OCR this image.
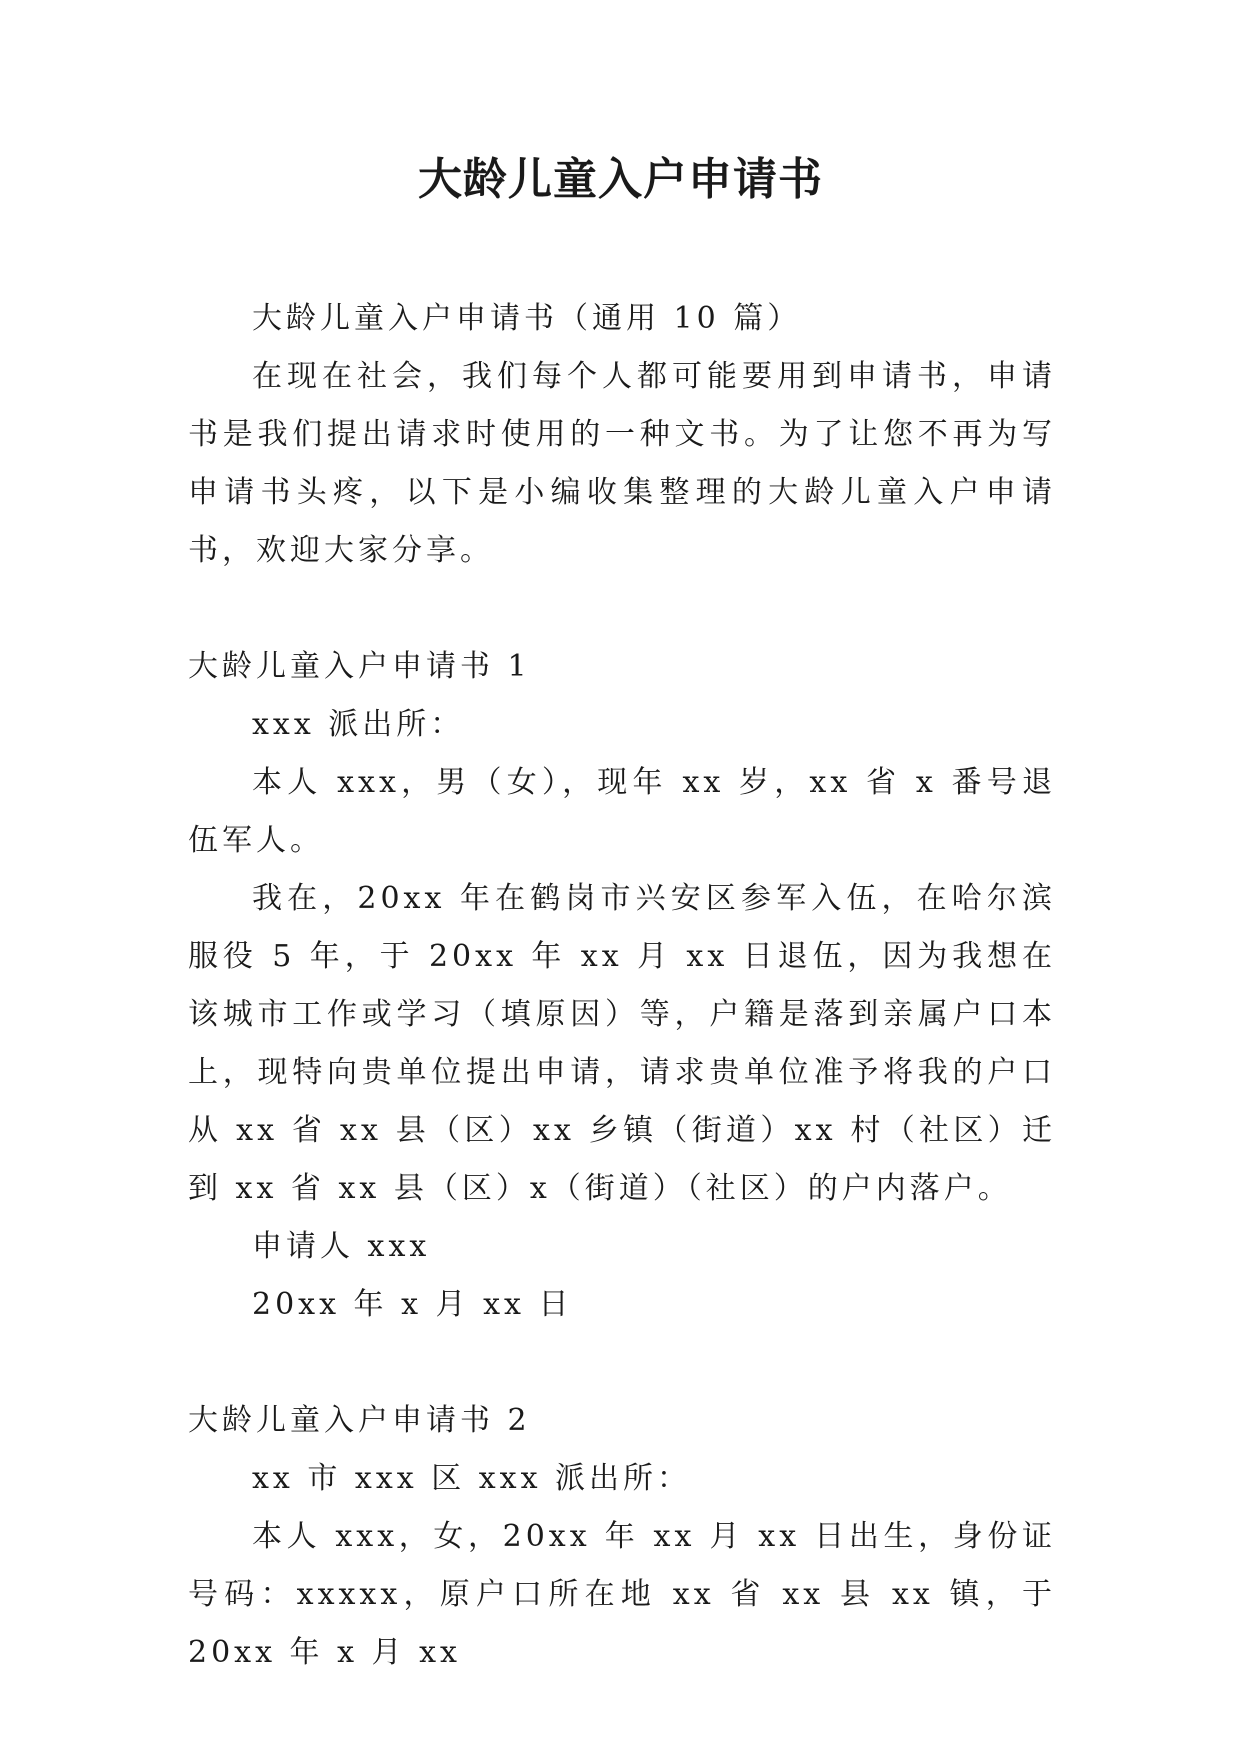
大龄儿童入户申请书

大龄儿童入户申请书（通用 10 篇）

在现在社会，我们每个人都可能要用到申请书，申请书是我们提出请求时使用的一种文书。为了让您不再为写申请书头疼，以下是小编收集整理的大龄儿童入户申请书，欢迎大家分享。

大龄儿童入户申请书 1

xxx 派出所：

本人 xxx，男（女），现年 xx 岁，xx 省 x 番号退伍军人。

我在，20xx 年在鹤岗市兴安区参军入伍，在哈尔滨服役 5 年，于 20xx 年 xx 月 xx 日退伍，因为我想在该城市工作或学习（填原因）等，户籍是落到亲属户口本上，现特向贵单位提出申请，请求贵单位准予将我的户口从 xx 省 xx 县（区）xx 乡镇（街道）xx 村（社区）迁到 xx 省 xx 县（区）x（街道）（社区）的户内落户。

申请人 xxx

20xx 年 x 月 xx 日

大龄儿童入户申请书 2

xx 市 xxx 区 xxx 派出所：

本人 xxx，女，20xx 年 xx 月 xx 日出生，身份证号码：xxxxx，原户口所在地 xx 省 xx 县 xx 镇，于 20xx 年 x 月 xx
